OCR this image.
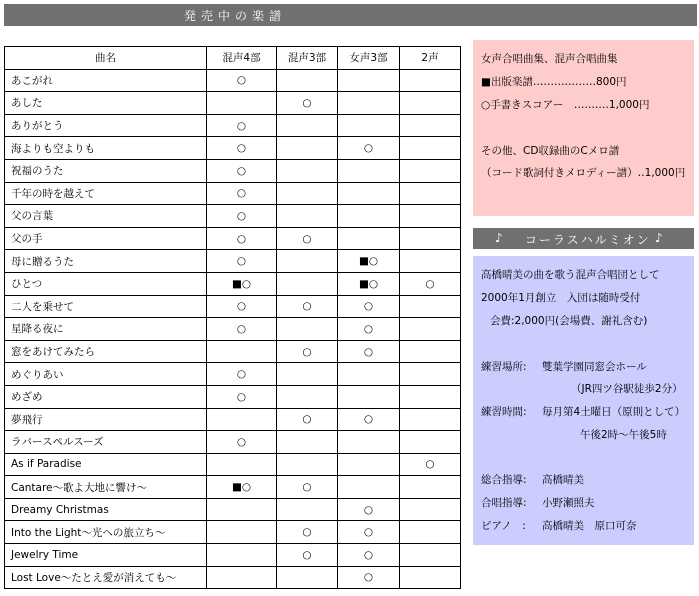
発売中の楽譜
曲名	混声4部	混声3部	女声3部	2声
あこがれ	○			
あした		○		
ありがとう	○			
海よりも空よりも	○		○	
祝福のうた	○			
千年の時を越えて	○			
父の言葉	○			
父の手	○	○		
母に贈るうた	○		■○	
ひとつ	■○		■○	○
二人を乗せて	○	○	○	
星降る夜に	○		○	
窓をあけてみたら		○	○	
めぐりあい	○			
めざめ	○			
夢飛行		○	○	
ラバースペルスーズ	○			
As if Paradise				○
Cantare～歌よ大地に響け～	■○	○		
Dreamy Christmas			○	
Into the Light～光への旅立ち～		○	○	
Jewelry Time		○	○	
Lost Love～たとえ愛が消えても～			○	
女声合唱曲集、混声合唱曲集
■出版楽譜‥‥‥‥‥‥‥‥‥800円
○手書きスコアー　‥‥‥‥‥1,000円
その他、CD収録曲のCメロ譜
（コード歌詞付きメロディー譜）‥1,000円
♪ コーラスハルミオン ♪
高橋晴美の曲を歌う混声合唱団として
2000年1月創立　入団は随時受付
会費:2,000円(会場費、謝礼含む)
練習場所: 雙葉学園同窓会ホール
（JR四ツ谷駅徒歩2分）
練習時間: 毎月第4土曜日（原則として）
午後2時～午後5時
総合指導: 高橋晴美
合唱指導: 小野瀬照夫
ピアノ　: 高橋晴美　原口可奈
